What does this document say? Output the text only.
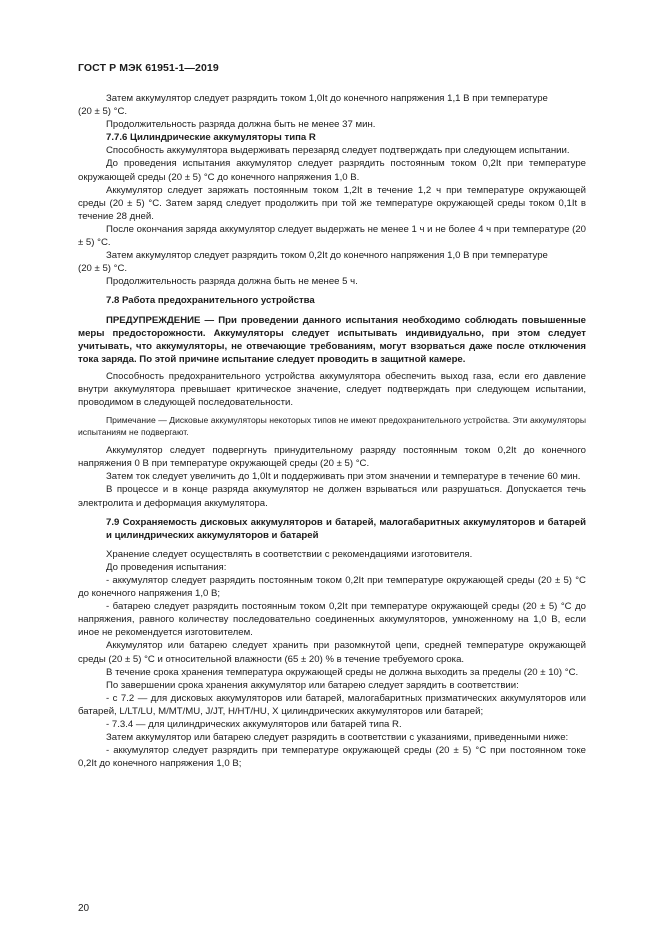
ГОСТ Р МЭК 61951-1—2019

Затем аккумулятор следует разрядить током 1,0It до конечного напряжения 1,1 В при температуре

(20 ± 5) °С.

Продолжительность разряда должна быть не менее 37 мин.

7.7.6 Цилиндрические аккумуляторы типа R

Способность аккумулятора выдерживать перезаряд следует подтверждать при следующем испытании.

До проведения испытания аккумулятор следует разрядить постоянным током 0,2It при температуре окружающей среды (20 ± 5) °С до конечного напряжения 1,0 В.

Аккумулятор следует заряжать постоянным током 1,2It в течение 1,2 ч при температуре окружающей среды (20 ± 5) °С. Затем заряд следует продолжить при той же температуре окружающей среды током 0,1It в течение 28 дней.

После окончания заряда аккумулятор следует выдержать не менее 1 ч и не более 4 ч при температуре (20 ± 5) °С.

Затем аккумулятор следует разрядить током 0,2It до конечного напряжения 1,0 В при температуре

(20 ± 5) °С.

Продолжительность разряда должна быть не менее 5 ч.

7.8 Работа предохранительного устройства

ПРЕДУПРЕЖДЕНИЕ — При проведении данного испытания необходимо соблюдать повышенные меры предосторожности. Аккумуляторы следует испытывать индивидуально, при этом следует учитывать, что аккумуляторы, не отвечающие требованиям, могут взорваться даже после отключения тока заряда. По этой причине испытание следует проводить в защитной камере.

Способность предохранительного устройства аккумулятора обеспечить выход газа, если его давление внутри аккумулятора превышает критическое значение, следует подтверждать при следующем испытании, проводимом в следующей последовательности.

Примечание — Дисковые аккумуляторы некоторых типов не имеют предохранительного устройства. Эти аккумуляторы испытаниям не подвергают.

Аккумулятор следует подвергнуть принудительному разряду постоянным током 0,2It до конечного напряжения 0 В при температуре окружающей среды (20 ± 5) °С.

Затем ток следует увеличить до 1,0It и поддерживать при этом значении и температуре в течение 60 мин.

В процессе и в конце разряда аккумулятор не должен взрываться или разрушаться. Допускается течь электролита и деформация аккумулятора.

7.9 Сохраняемость дисковых аккумуляторов и батарей, малогабаритных аккумуляторов и батарей и цилиндрических аккумуляторов и батарей

Хранение следует осуществлять в соответствии с рекомендациями изготовителя.

До проведения испытания:

- аккумулятор следует разрядить постоянным током 0,2It при температуре окружающей среды (20 ± 5) °С до конечного напряжения 1,0 В;

- батарею следует разрядить постоянным током 0,2It при температуре окружающей среды (20 ± 5) °С до напряжения, равного количеству последовательно соединенных аккумуляторов, умноженному на 1,0 В, если иное не рекомендуется изготовителем.

Аккумулятор или батарею следует хранить при разомкнутой цепи, средней температуре окружающей среды (20 ± 5) °С и относительной влажности (65 ± 20) % в течение требуемого срока.

В течение срока хранения температура окружающей среды не должна выходить за пределы (20 ± 10) °С.

По завершении срока хранения аккумулятор или батарею следует зарядить в соответствии:

- с 7.2 — для дисковых аккумуляторов или батарей, малогабаритных призматических аккумуляторов или батарей, L/LT/LU, M/MT/MU, J/JT, H/HT/HU, X цилиндрических аккумуляторов или батарей;

- 7.3.4 — для цилиндрических аккумуляторов или батарей типа R.

Затем аккумулятор или батарею следует разрядить в соответствии с указаниями, приведенными ниже:

- аккумулятор следует разрядить при температуре окружающей среды (20 ± 5) °С при постоянном токе 0,2It до конечного напряжения 1,0 В;

20
